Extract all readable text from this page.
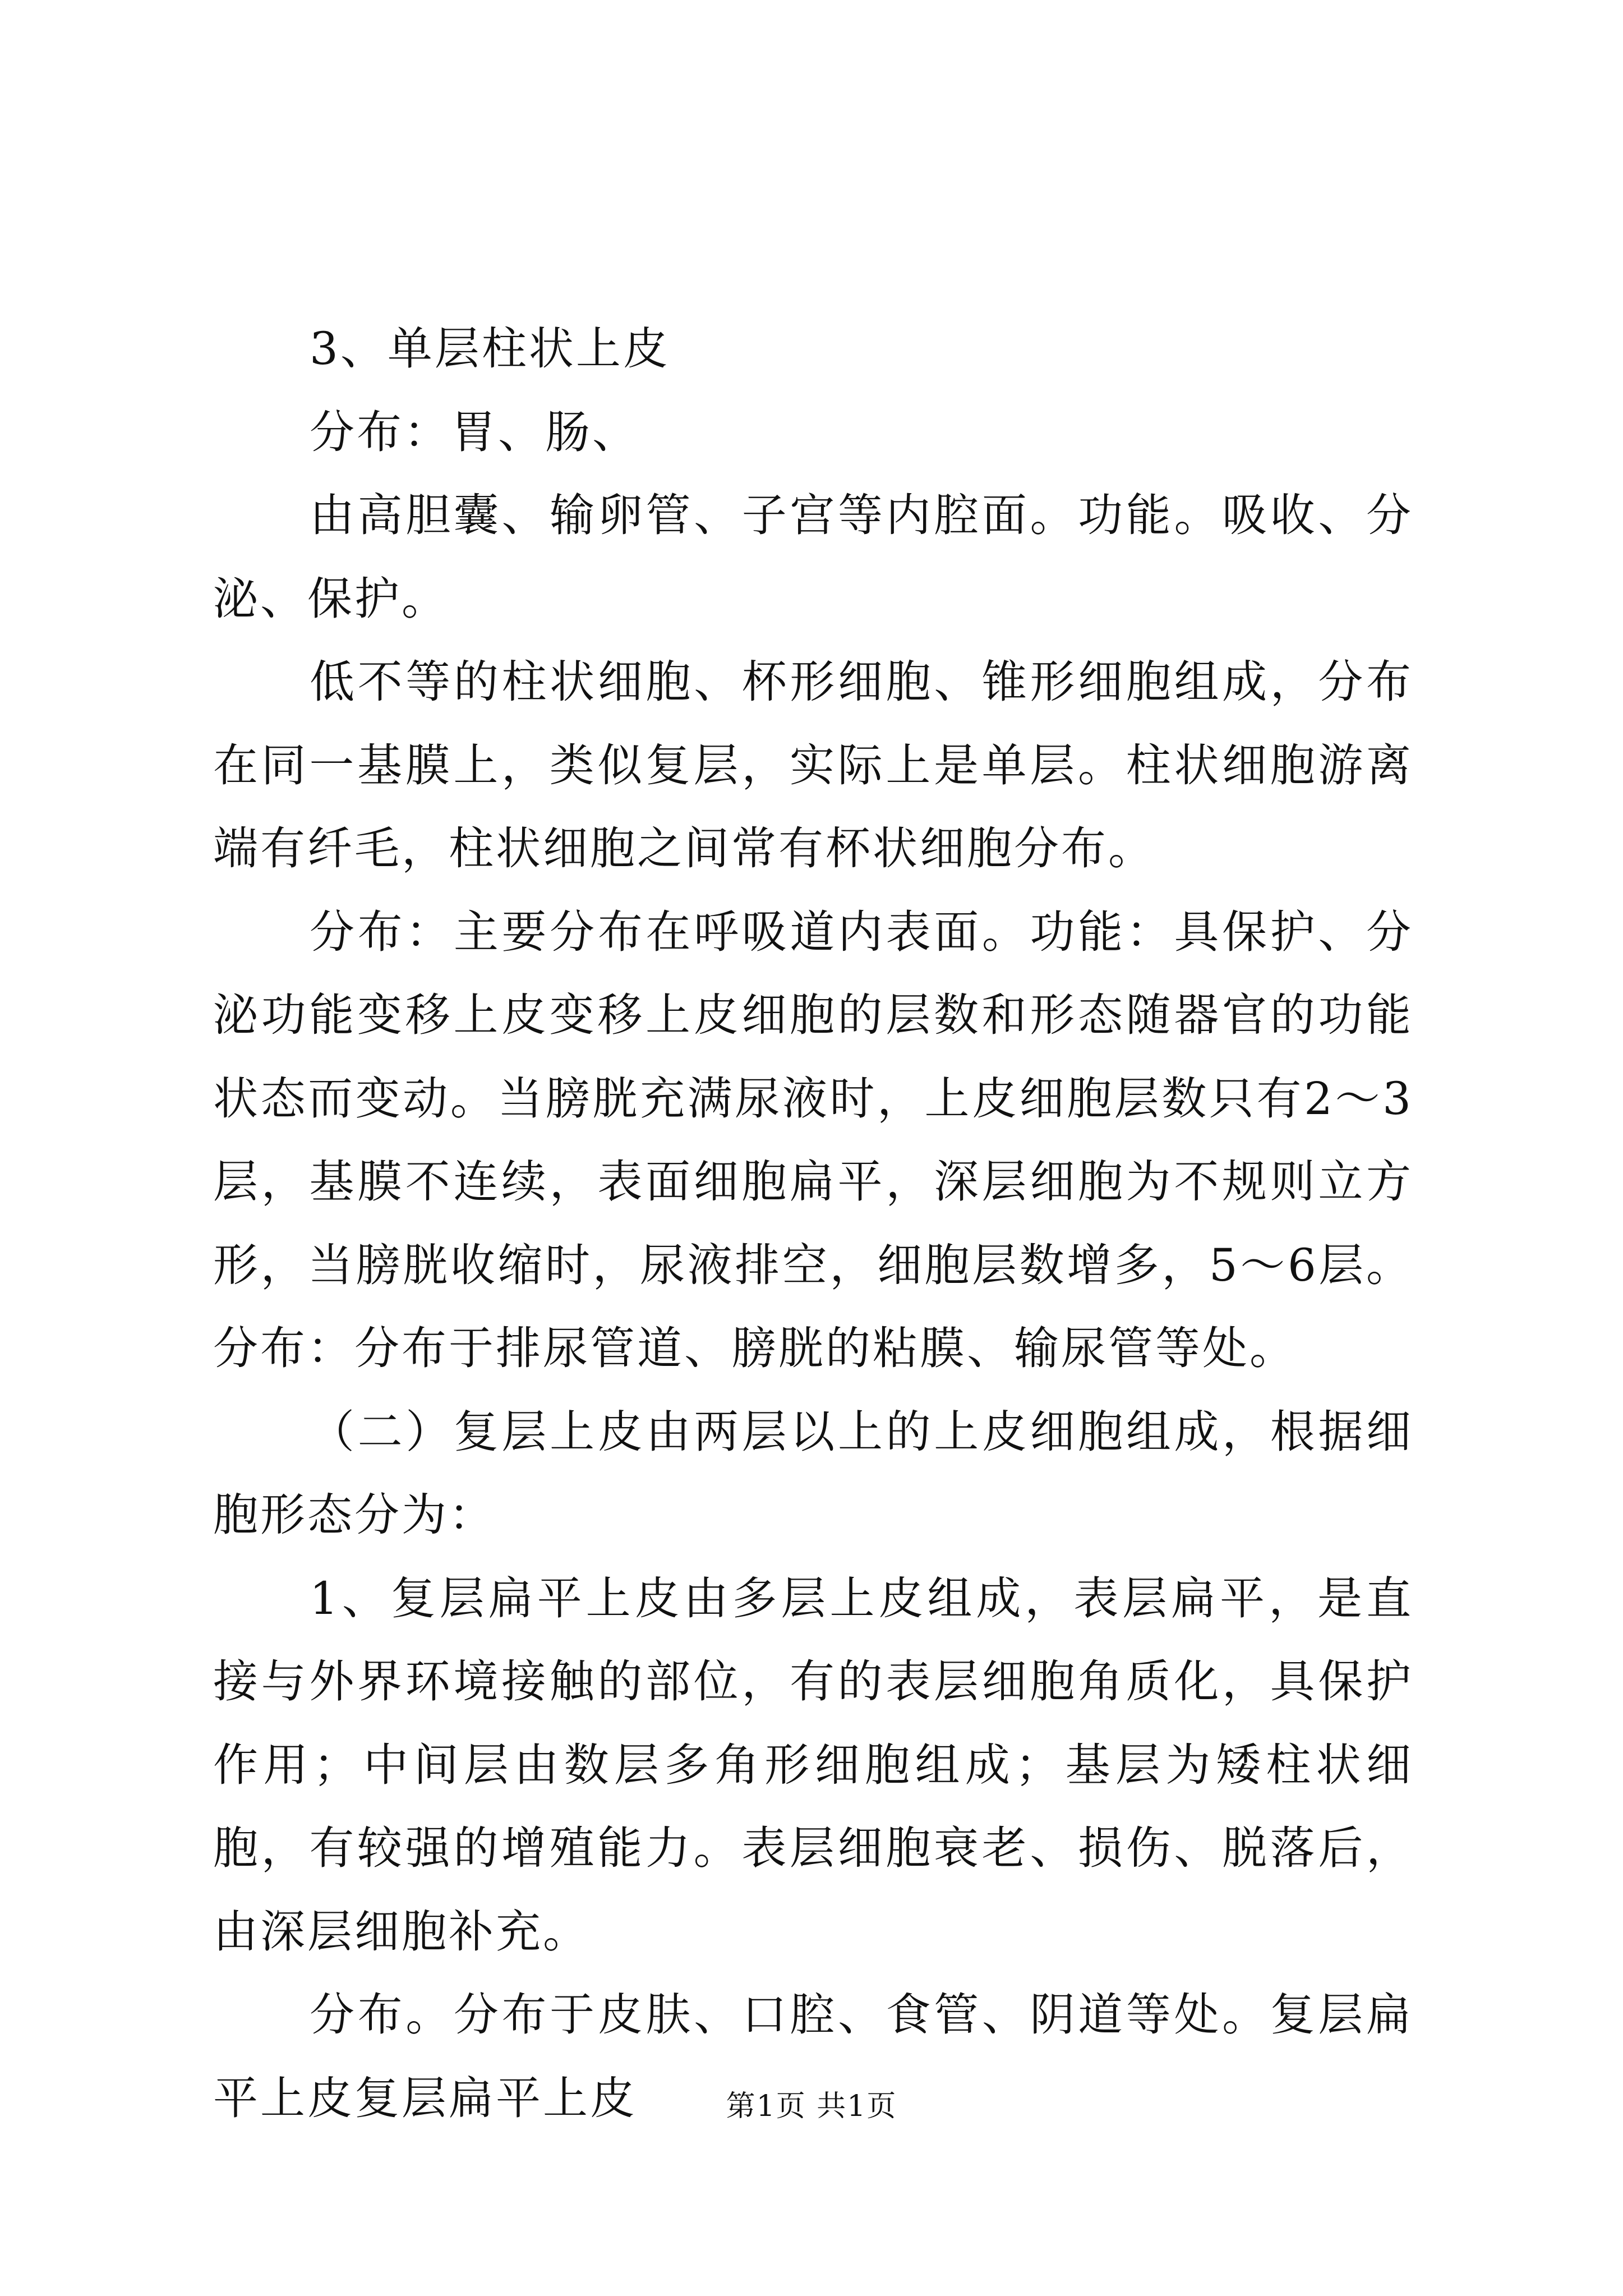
3、单层柱状上皮

分布：胃、肠、

由高胆囊、输卵管、子宫等内腔面。功能。吸收、分泌、保护。

低不等的柱状细胞、杯形细胞、锥形细胞组成，分布在同一基膜上，类似复层，实际上是单层。柱状细胞游离端有纤毛，柱状细胞之间常有杯状细胞分布。

分布：主要分布在呼吸道内表面。功能：具保护、分泌功能变移上皮变移上皮细胞的层数和形态随器官的功能状态而变动。当膀胱充满尿液时，上皮细胞层数只有2～3层，基膜不连续，表面细胞扁平，深层细胞为不规则立方形，当膀胱收缩时，尿液排空，细胞层数增多，5～6层。分布：分布于排尿管道、膀胱的粘膜、输尿管等处。

（二）复层上皮由两层以上的上皮细胞组成，根据细胞形态分为：

1、复层扁平上皮由多层上皮组成，表层扁平，是直接与外界环境接触的部位，有的表层细胞角质化，具保护作用；中间层由数层多角形细胞组成；基层为矮柱状细胞，有较强的增殖能力。表层细胞衰老、损伤、脱落后，由深层细胞补充。

分布。分布于皮肤、口腔、食管、阴道等处。复层扁平上皮复层扁平上皮	第1页 共1页
